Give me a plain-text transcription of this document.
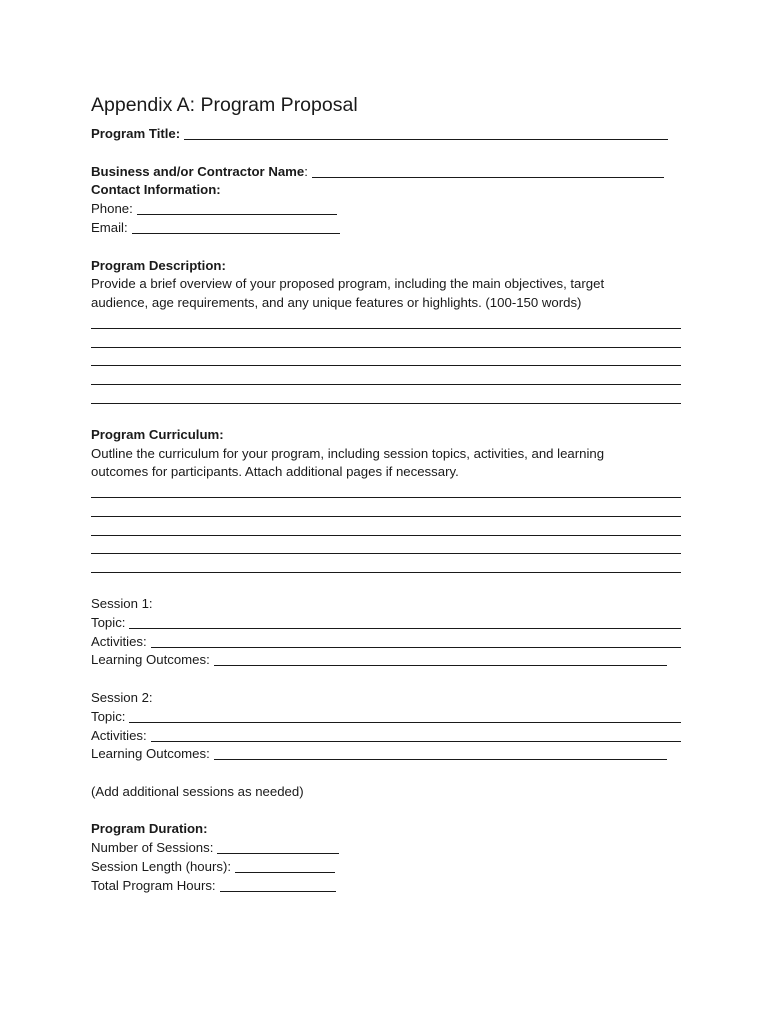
Appendix A: Program Proposal
Program Title:
Business and/or Contractor Name :
Contact Information:
Phone:
Email:
Program Description:
Provide a brief overview of your proposed program, including the main objectives, target
audience, age requirements, and any unique features or highlights. (100-150 words)
Program Curriculum:
Outline the curriculum for your program, including session topics, activities, and learning
outcomes for participants. Attach additional pages if necessary.
Session 1:
Topic:
Activities:
Learning Outcomes:
Session 2:
Topic:
Activities:
Learning Outcomes:
(Add additional sessions as needed)
Program Duration:
Number of Sessions:
Session Length (hours):
Total Program Hours:
